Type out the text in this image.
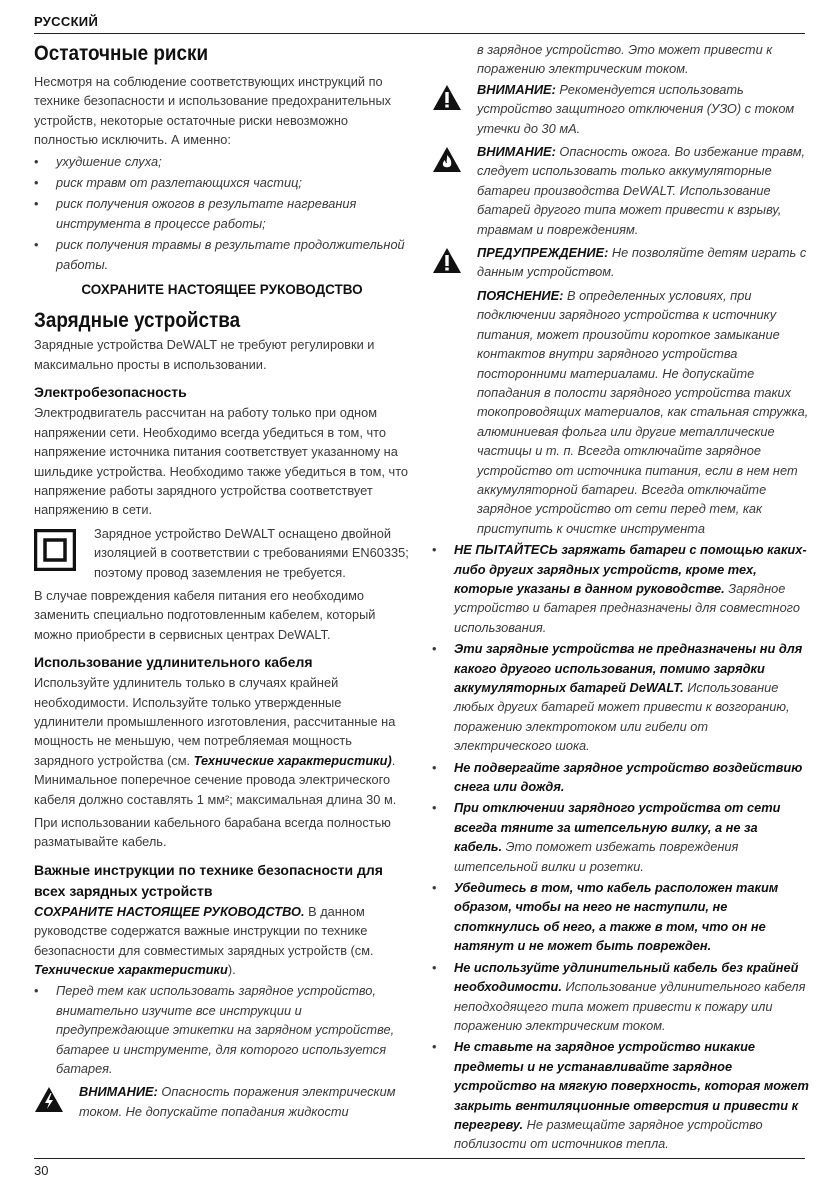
РУССКИЙ
Остаточные риски

Несмотря на соблюдение соответствующих инструкций по технике безопасности и использование предохранительных устройств, некоторые остаточные риски невозможно полностью исключить. А именно:

• ухудшение слуха;
• риск травм от разлетающихся частиц;
• риск получения ожогов в результате нагревания инструмента в процессе работы;
• риск получения травмы в результате продолжительной работы.

СОХРАНИТЕ НАСТОЯЩЕЕ РУКОВОДСТВО

Зарядные устройства

Зарядные устройства DeWALT не требуют регулировки и максимально просты в использовании.

Электробезопасность

Электродвигатель рассчитан на работу только при одном напряжении сети. Необходимо всегда убедиться в том, что напряжение источника питания соответствует указанному на шильдике устройства. Необходимо также убедиться в том, что напряжение работы зарядного устройства соответствует напряжению в сети.

Зарядное устройство DeWALT оснащено двойной изоляцией в соответствии с требованиями EN60335; поэтому провод заземления не требуется.

В случае повреждения кабеля питания его необходимо заменить специально подготовленным кабелем, который можно приобрести в сервисных центрах DeWALT.

Использование удлинительного кабеля

Используйте удлинитель только в случаях крайней необходимости. Используйте только утвержденные удлинители промышленного изготовления, рассчитанные на мощность не меньшую, чем потребляемая мощность зарядного устройства (см. Технические характеристики). Минимальное поперечное сечение провода электрического кабеля должно составлять 1 мм²; максимальная длина 30 м.

При использовании кабельного барабана всегда полностью разматывайте кабель.

Важные инструкции по технике безопасности для всех зарядных устройств

СОХРАНИТЕ НАСТОЯЩЕЕ РУКОВОДСТВО. В данном руководстве содержатся важные инструкции по технике безопасности для совместимых зарядных устройств (см. Технические характеристики).

• Перед тем как использовать зарядное устройство, внимательно изучите все инструкции и предупреждающие этикетки на зарядном устройстве, батарее и инструменте, для которого используется батарея.

ВНИМАНИЕ: Опасность поражения электрическим током. Не допускайте попадания жидкости

в зарядное устройство. Это может привести к поражению электрическим током.

ВНИМАНИЕ: Рекомендуется использовать устройство защитного отключения (УЗО) с током утечки до 30 мА.

ВНИМАНИЕ: Опасность ожога. Во избежание травм, следует использовать только аккумуляторные батареи производства DeWALT. Использование батарей другого типа может привести к взрыву, травмам и повреждениям.

ПРЕДУПРЕЖДЕНИЕ: Не позволяйте детям играть с данным устройством.

ПОЯСНЕНИЕ: В определенных условиях, при подключении зарядного устройства к источнику питания, может произойти короткое замыкание контактов внутри зарядного устройства посторонними материалами. Не допускайте попадания в полости зарядного устройства таких токопроводящих материалов, как стальная стружка, алюминиевая фольга или другие металлические частицы и т. п. Всегда отключайте зарядное устройство от источника питания, если в нем нет аккумуляторной батареи. Всегда отключайте зарядное устройство от сети перед тем, как приступить к очистке инструмента

• НЕ ПЫТАЙТЕСЬ заряжать батареи с помощью каких-либо других зарядных устройств, кроме тех, которые указаны в данном руководстве. Зарядное устройство и батарея предназначены для совместного использования.
• Эти зарядные устройства не предназначены ни для какого другого использования, помимо зарядки аккумуляторных батарей DeWALT. Использование любых других батарей может привести к возгоранию, поражению электротоком или гибели от электрического шока.
• Не подвергайте зарядное устройство воздействию снега или дождя.
• При отключении зарядного устройства от сети всегда тяните за штепсельную вилку, а не за кабель. Это поможет избежать повреждения штепсельной вилки и розетки.
• Убедитесь в том, что кабель расположен таким образом, чтобы на него не наступили, не споткнулись об него, а также в том, что он не натянут и не может быть поврежден.
• Не используйте удлинительный кабель без крайней необходимости. Использование удлинительного кабеля неподходящего типа может привести к пожару или поражению электрическим током.
• Не ставьте на зарядное устройство никакие предметы и не устанавливайте зарядное устройство на мягкую поверхность, которая может закрыть вентиляционные отверстия и привести к перегреву. Не размещайте зарядное устройство поблизости от источников тепла.
30
